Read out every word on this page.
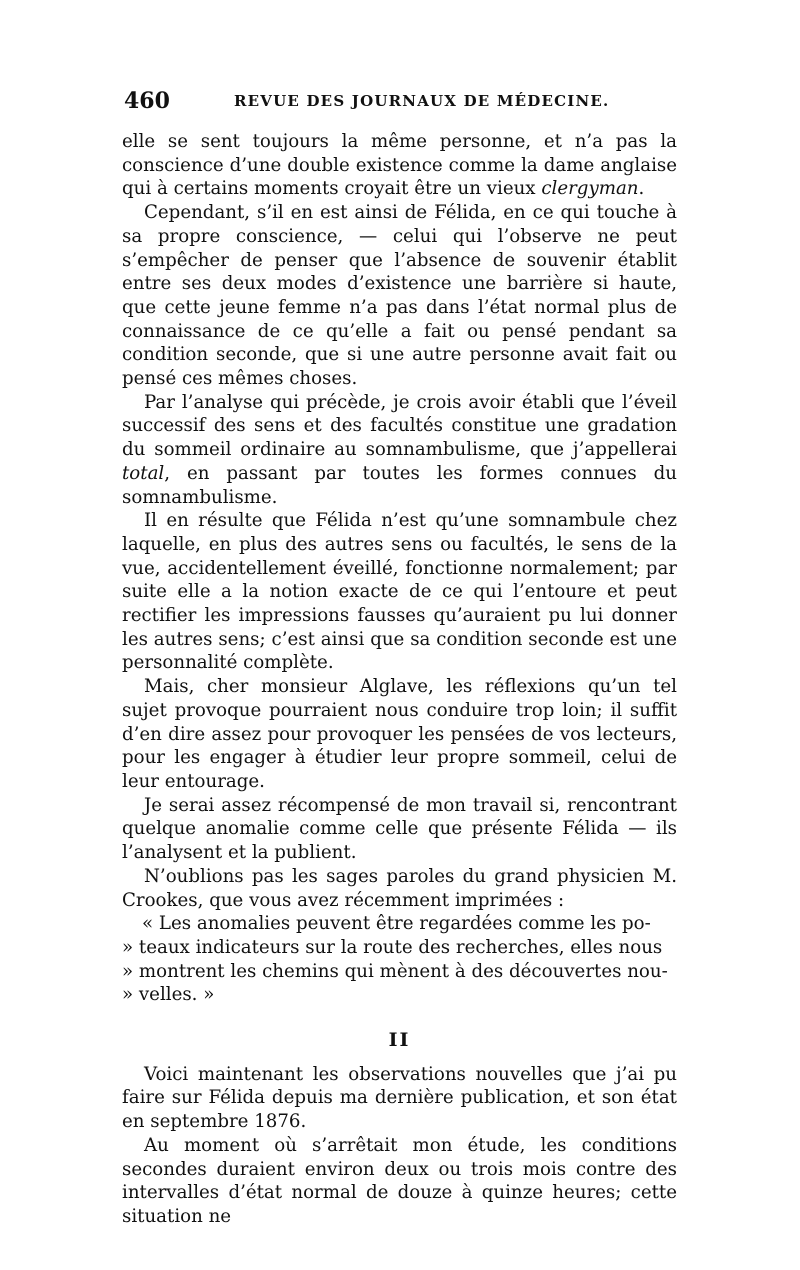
460	REVUE DES JOURNAUX DE MÉDECINE.

elle se sent toujours la même personne, et n’a pas la conscience d’une double existence comme la dame anglaise qui à certains moments croyait être un vieux clergyman.

Cependant, s’il en est ainsi de Félida, en ce qui touche à sa propre conscience, — celui qui l’observe ne peut s’empêcher de penser que l’absence de souvenir établit entre ses deux modes d’existence une barrière si haute, que cette jeune femme n’a pas dans l’état normal plus de connaissance de ce qu’elle a fait ou pensé pendant sa condition seconde, que si une autre personne avait fait ou pensé ces mêmes choses.

Par l’analyse qui précède, je crois avoir établi que l’éveil successif des sens et des facultés constitue une gradation du sommeil ordinaire au somnambulisme, que j’appellerai total, en passant par toutes les formes connues du somnambulisme.

Il en résulte que Félida n’est qu’une somnambule chez laquelle, en plus des autres sens ou facultés, le sens de la vue, accidentellement éveillé, fonctionne normalement; par suite elle a la notion exacte de ce qui l’entoure et peut rectifier les impressions fausses qu’auraient pu lui donner les autres sens; c’est ainsi que sa condition seconde est une personnalité complète.

Mais, cher monsieur Alglave, les réflexions qu’un tel sujet provoque pourraient nous conduire trop loin; il suffit d’en dire assez pour provoquer les pensées de vos lecteurs, pour les engager à étudier leur propre sommeil, celui de leur entourage.

Je serai assez récompensé de mon travail si, rencontrant quelque anomalie comme celle que présente Félida — ils l’analysent et la publient.

N’oublions pas les sages paroles du grand physicien M. Crookes, que vous avez récemment imprimées :

« Les anomalies peuvent être regardées comme les po-
» teaux indicateurs sur la route des recherches, elles nous
» montrent les chemins qui mènent à des découvertes nou-
» velles. »
II

Voici maintenant les observations nouvelles que j’ai pu faire sur Félida depuis ma dernière publication, et son état en septembre 1876.

Au moment où s’arrêtait mon étude, les conditions secondes duraient environ deux ou trois mois contre des intervalles d’état normal de douze à quinze heures; cette situation ne
